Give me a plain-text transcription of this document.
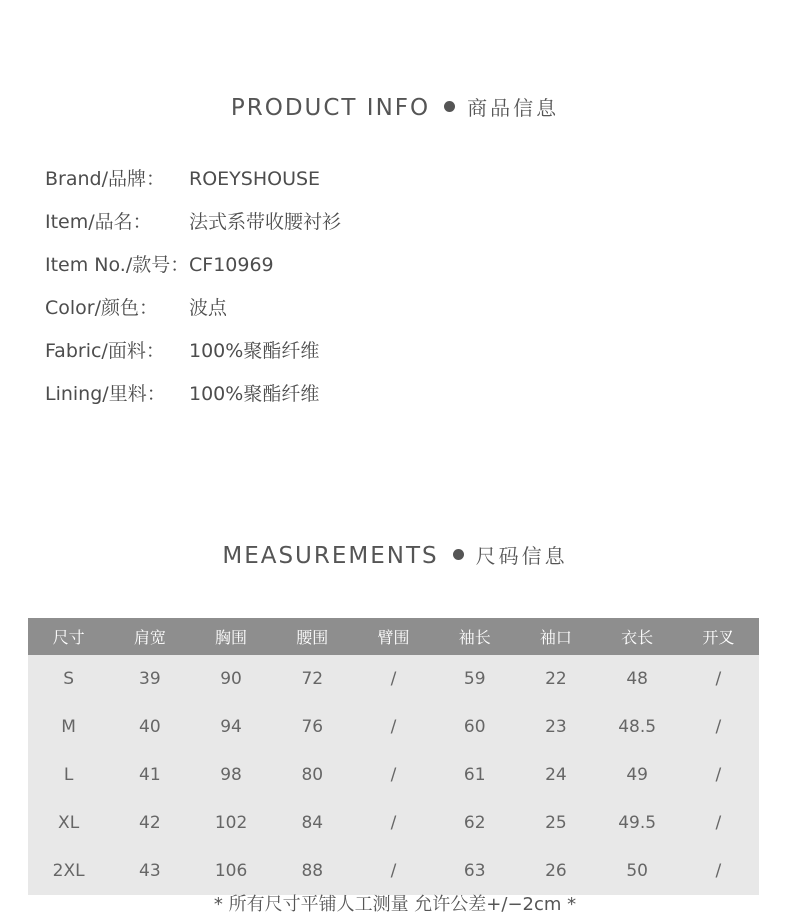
PRODUCT INFO 商品信息
Brand/品牌： ROEYSHOUSE
Item/品名： 法式系带收腰衬衫
Item No./款号：CF10969
Color/颜色： 波点
Fabric/面料： 100%聚酯纤维
Lining/里料： 100%聚酯纤维
MEASUREMENTS 尺码信息
尺寸	肩宽	胸围	腰围	臂围	袖长	袖口	衣长	开叉
S	39	90	72	/	59	22	48	/
M	40	94	76	/	60	23	48.5	/
L	41	98	80	/	61	24	49	/
XL	42	102	84	/	62	25	49.5	/
2XL	43	106	88	/	63	26	50	/
* 所有尺寸平铺人工测量 允许公差+/−2cm *
